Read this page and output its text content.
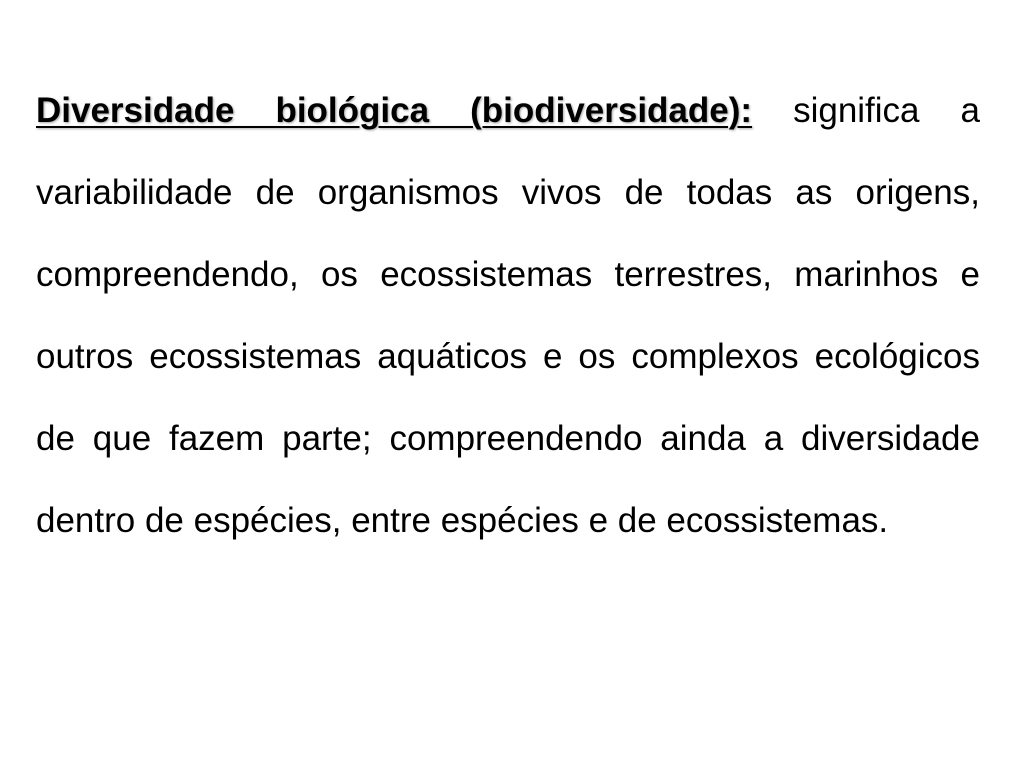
Diversidade biológica (biodiversidade): significa a variabilidade de organismos vivos de todas as origens, compreendendo, os ecossistemas terrestres, marinhos e outros ecossistemas aquáticos e os complexos ecológicos de que fazem parte; compreendendo ainda a diversidade dentro de espécies, entre espécies e de ecossistemas.
